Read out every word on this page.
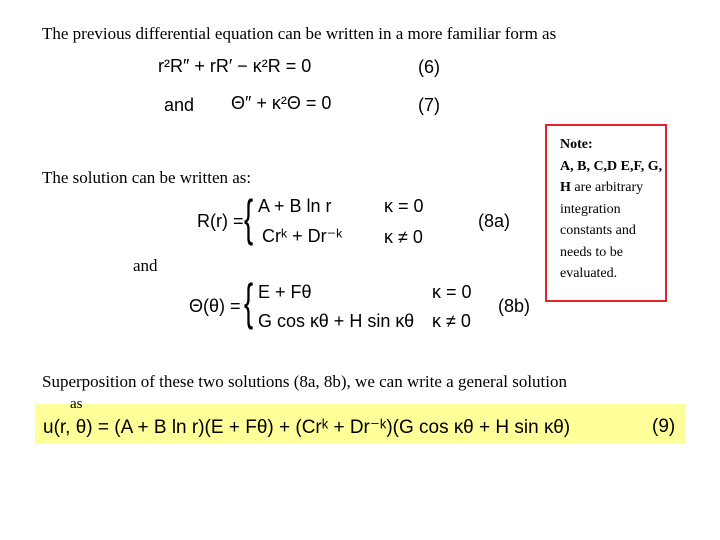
The previous differential equation can be written in a more familiar form as
r²R″ + rR′ − κ²R = 0	(6)
and Θ″ + κ²Θ = 0	(7)
The solution can be written as:
R(r) = { A + B ln r	κ = 0
Crᵏ + Dr⁻ᵏ κ ≠ 0
(8a)
and
Θ(θ) = { E + Fθ	κ = 0
G cos κθ + H sin κθ κ ≠ 0
(8b)
Note:
A, B, C,D E,F, G, H are arbitrary integration constants and needs to be evaluated.
Superposition of these two solutions (8a, 8b), we can write a general solution
as
u(r, θ) = (A + B ln r)(E + Fθ) + (Crᵏ + Dr⁻ᵏ)(G cos κθ + H sin κθ)	(9)
